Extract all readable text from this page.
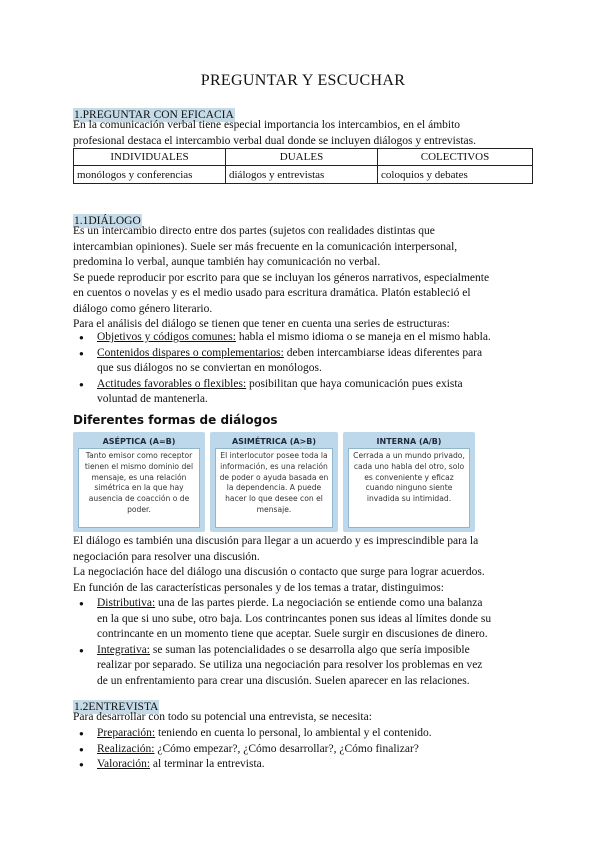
PREGUNTAR Y ESCUCHAR
1.PREGUNTAR CON EFICACIA
En la comunicación verbal tiene especial importancia los intercambios, en el ámbito
profesional destaca el intercambio verbal dual donde se incluyen diálogos y entrevistas.
INDIVIDUALES	DUALES	COLECTIVOS
monólogos y conferencias	diálogos y entrevistas	coloquios y debates
1.1DIÁLOGO
Es un intercambio directo entre dos partes (sujetos con realidades distintas que
intercambian opiniones). Suele ser más frecuente en la comunicación interpersonal,
predomina lo verbal, aunque también hay comunicación no verbal.
Se puede reproducir por escrito para que se incluyan los géneros narrativos, especialmente
en cuentos o novelas y es el medio usado para escritura dramática. Platón estableció el
diálogo como género literario.
Para el análisis del diálogo se tienen que tener en cuenta una series de estructuras:
● Objetivos y códigos comunes: habla el mismo idioma o se maneja en el mismo habla.
● Contenidos dispares o complementarios: deben intercambiarse ideas diferentes para
que sus diálogos no se conviertan en monólogos.
● Actitudes favorables o flexibles: posibilitan que haya comunicación pues exista
voluntad de mantenerla.
Diferentes formas de diálogos
ASÉPTICA (A=B)
Tanto emisor como receptor tienen el mismo dominio del mensaje, es una relación simétrica en la que hay ausencia de coacción o de poder.
ASIMÉTRICA (A>B)
El interlocutor posee toda la información, es una relación de poder o ayuda basada en la dependencia. A puede hacer lo que desee con el mensaje.
INTERNA (A/B)
Cerrada a un mundo privado, cada uno habla del otro, solo es conveniente y eficaz cuando ninguno siente invadida su intimidad.
El diálogo es también una discusión para llegar a un acuerdo y es imprescindible para la
negociación para resolver una discusión.
La negociación hace del diálogo una discusión o contacto que surge para lograr acuerdos.
En función de las características personales y de los temas a tratar, distinguimos:
● Distributiva: una de las partes pierde. La negociación se entiende como una balanza
en la que si uno sube, otro baja. Los contrincantes ponen sus ideas al límites donde su
contrincante en un momento tiene que aceptar. Suele surgir en discusiones de dinero.
● Integrativa: se suman las potencialidades o se desarrolla algo que sería imposible
realizar por separado. Se utiliza una negociación para resolver los problemas en vez
de un enfrentamiento para crear una discusión. Suelen aparecer en las relaciones.
1.2ENTREVISTA
Para desarrollar con todo su potencial una entrevista, se necesita:
● Preparación: teniendo en cuenta lo personal, lo ambiental y el contenido.
● Realización: ¿Cómo empezar?, ¿Cómo desarrollar?, ¿Cómo finalizar?
● Valoración: al terminar la entrevista.
